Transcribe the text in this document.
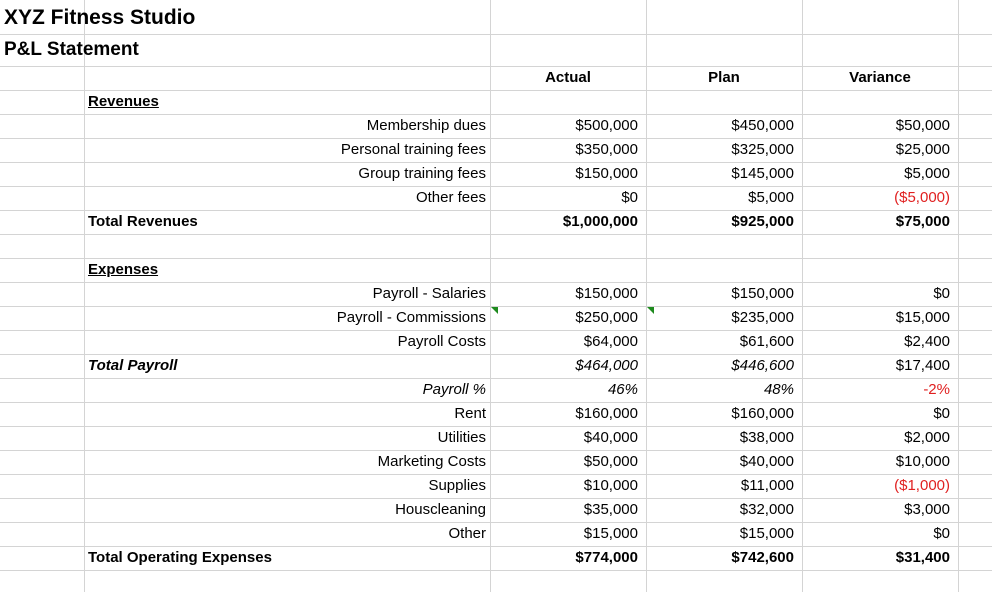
XYZ Fitness Studio
P&L Statement
Actual	Plan	Variance
Revenues
Membership dues	$500,000	$450,000	$50,000
Personal training fees	$350,000	$325,000	$25,000
Group training fees	$150,000	$145,000	$5,000
Other fees	$0	$5,000	($5,000)
Total Revenues	$1,000,000	$925,000	$75,000
Expenses
Payroll - Salaries	$150,000	$150,000	$0
Payroll - Commissions	$250,000	$235,000	$15,000
Payroll Costs	$64,000	$61,600	$2,400
Total Payroll	$464,000	$446,600	$17,400
Payroll %	46%	48%	-2%
Rent	$160,000	$160,000	$0
Utilities	$40,000	$38,000	$2,000
Marketing Costs	$50,000	$40,000	$10,000
Supplies	$10,000	$11,000	($1,000)
Houscleaning	$35,000	$32,000	$3,000
Other	$15,000	$15,000	$0
Total Operating Expenses	$774,000	$742,600	$31,400
